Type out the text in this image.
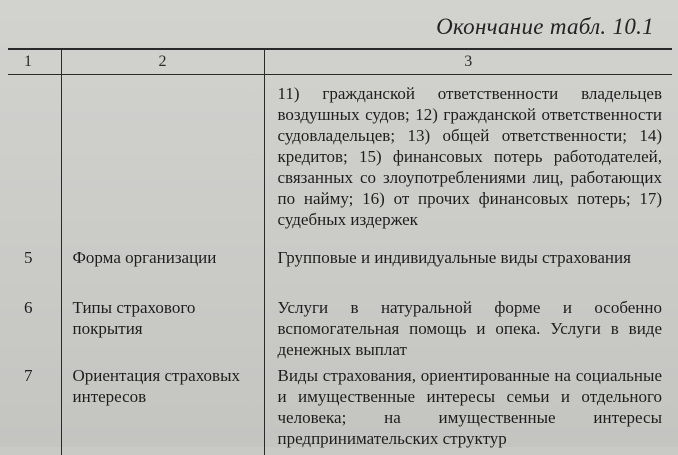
Окончание табл. 10.1
1	2	3
		11) гражданской ответственности владельцев воздушных судов; 12) гражданской ответственности судовладельцев; 13) общей ответственности; 14) кредитов; 15) финансовых потерь работодателей, связанных со злоупотреблениями лиц, работающих по найму; 16) от прочих финансовых потерь; 17) судебных издержек
5	Форма организации	Групповые и индивидуальные виды страхования
6	Типы страхового покрытия	Услуги в натуральной форме и особенно вспомогательная помощь и опека. Услуги в виде денежных выплат
7	Ориентация страховых интересов	Виды страхования, ориентированные на социальные и имущественные интересы семьи и отдельного человека; на имущественные интересы предпринимательских структур
